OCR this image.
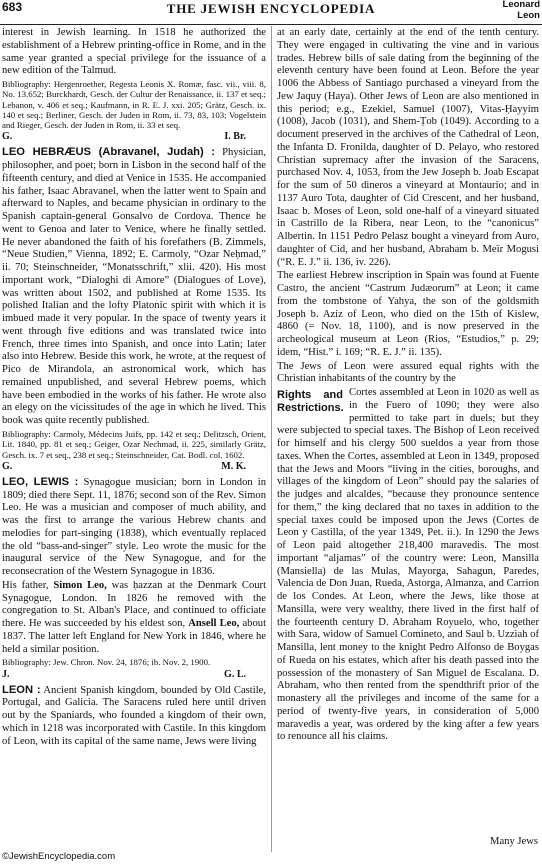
683	THE JEWISH ENCYCLOPEDIA	Leonard
Leon

interest in Jewish learning. In 1518 he authorized the establishment of a Hebrew printing-office in Rome, and in the same year granted a special privilege for the issuance of a new edition of the Talmud.

Bibliography: Hergenroether, Regesta Leonis X. Romæ, fasc. vii., viii. 8, No. 13.652; Burckhardt, Gesch. der Cultur der Renaissance, ii. 137 et seq.; Lebanon, v. 406 et seq.; Kaufmann, in R. E. J. xxi. 205; Grätz, Gesch. ix. 140 et seq.; Berliner, Gesch. der Juden in Rom, ii. 73, 83, 103; Vogelstein and Rieger, Gesch. der Juden in Rom, ii. 33 et seq.

G.	I. Br.

LEO HEBRÆUS (Abravanel, Judah) : Physician, philosopher, and poet; born in Lisbon in the second half of the fifteenth century, and died at Venice in 1535. He accompanied his father, Isaac Abravanel, when the latter went to Spain and afterward to Naples, and became physician in ordinary to the Spanish captain-general Gonsalvo de Cordova. Thence he went to Genoa and later to Venice, where he finally settled. He never abandoned the faith of his forefathers (B. Zimmels, “Neue Studien,” Vienna, 1892; E. Carmoly, “Ozar Neḥmad,” ii. 70; Steinschneider, “Monatsschrift,” xlii. 420). His most important work, “Dialoghi di Amore” (Dialogues of Love), was written about 1502, and published at Rome 1535. Its polished Italian and the lofty Platonic spirit with which it is imbued made it very popular. In the space of twenty years it went through five editions and was translated twice into French, three times into Spanish, and once into Latin; later also into Hebrew. Beside this work, he wrote, at the request of Pico de Mirandola, an astronomical work, which has remained unpublished, and several Hebrew poems, which have been embodied in the works of his father. He wrote also an elegy on the vicissitudes of the age in which he lived. This book was quite recently published.

Bibliography: Carmoly, Médecins Juifs, pp. 142 et seq.; Delitzsch, Orient, Lit. 1840, pp. 81 et seq.; Geiger, Ozar Nechmad, ii. 225, similarly Grätz, Gesch. ix. 7 et seq., 238 et seq.; Steinschneider, Cat. Bodl. col. 1602.

G.	M. K.

LEO, LEWIS : Synagogue musician; born in London in 1809; died there Sept. 11, 1876; second son of the Rev. Simon Leo. He was a musician and composer of much ability, and was the first to arrange the various Hebrew chants and melodies for part-singing (1838), which eventually replaced the old “bass-and-singer” style. Leo wrote the music for the inaugural service of the New Synagogue, and for the reconsecration of the Western Synagogue in 1836.

His father, Simon Leo, was ḥazzan at the Denmark Court Synagogue, London. In 1826 he removed with the congregation to St. Alban's Place, and continued to officiate there. He was succeeded by his eldest son, Ansell Leo, about 1837. The latter left England for New York in 1846, where he held a similar position.

Bibliography: Jew. Chron. Nov. 24, 1876; ib. Nov. 2, 1900.

J.	G. L.

LEON : Ancient Spanish kingdom, bounded by Old Castile, Portugal, and Galicia. The Saracens ruled here until driven out by the Spaniards, who founded a kingdom of their own, which in 1218 was incorporated with Castile. In this kingdom of Leon, with its capital of the same name, Jews were living

at an early date, certainly at the end of the tenth century. They were engaged in cultivating the vine and in various trades. Hebrew bills of sale dating from the beginning of the eleventh century have been found at Leon. Before the year 1006 the Abbess of Santiago purchased a vineyard from the Jew Jaquy (Haya). Other Jews of Leon are also mentioned in this period; e.g., Ezekiel, Samuel (1007), Vitas-Ḥayyim (1008), Jacob (1031), and Shem-Ṭob (1049). According to a document preserved in the archives of the Cathedral of Leon, the Infanta D. Fronilda, daughter of D. Pelayo, who restored Christian supremacy after the invasion of the Saracens, purchased Nov. 4, 1053, from the Jew Joseph b. Joab Escapat for the sum of 50 dineros a vineyard at Montaurio; and in 1137 Auro Tota, daughter of Cid Crescent, and her husband, Isaac b. Moses of Leon, sold one-half of a vineyard situated in Castrillo de la Ribera, near Leon, to the “canonicus” Albertin. In 1151 Pedro Pelasz bought a vineyard from Auro, daughter of Cid, and her husband, Abraham b. Meïr Mogusi (“R. E. J.” ii. 136, iv. 226).

The earliest Hebrew inscription in Spain was found at Fuente Castro, the ancient “Castrum Judæorum” at Leon; it came from the tombstone of Yahya, the son of the goldsmith Joseph b. Aziz of Leon, who died on the 15th of Kislew, 4860 (= Nov. 18, 1100), and is now preserved in the archeological museum at Leon (Rios, “Estudios,” p. 29; idem, “Hist.” i. 169; “R. E. J.” ii. 135).

The Jews of Leon were assured equal rights with the Christian inhabitants of the country by the

Rights and Restrictions.
Cortes assembled at Leon in 1020 as well as in the Fuero of 1090; they were also permitted to take part in duels; but they were subjected to special taxes. The Bishop of Leon received for himself and his clergy 500 sueldos a year from those taxes. When the Cortes, assembled at Leon in 1349, proposed that the Jews and Moors “living in the cities, boroughs, and villages of the kingdom of Leon” should pay the salaries of the judges and alcaldes, “because they pronounce sentence for them,” the king declared that no taxes in addition to the special taxes could be imposed upon the Jews (Cortes de Leon y Castilla, of the year 1349, Pet. ii.). In 1290 the Jews of Leon paid altogether 218,400 maravedis. The most important “aljamas” of the country were: Leon, Mansilla (Mansiella) de las Mulas, Mayorga, Sahagun, Paredes, Valencia de Don Juan, Rueda, Astorga, Almanza, and Carrion de los Condes. At Leon, where the Jews, like those at Mansilla, were very wealthy, there lived in the first half of the fourteenth century D. Abraham Royuelo, who, together with Sara, widow of Samuel Comineto, and Saul b. Uzziah of Mansilla, lent money to the knight Pedro Alfonso de Boygas of Rueda on his estates, which after his death passed into the possession of the monastery of San Miguel de Escalana. D. Abraham, who then rented from the spendthrift prior of the monastery all the privileges and income of the same for a period of twenty-five years, in consideration of 5,000 maravedis a year, was ordered by the king after a few years to renounce all his claims.

Many Jews
©JewishEncyclopedia.com
